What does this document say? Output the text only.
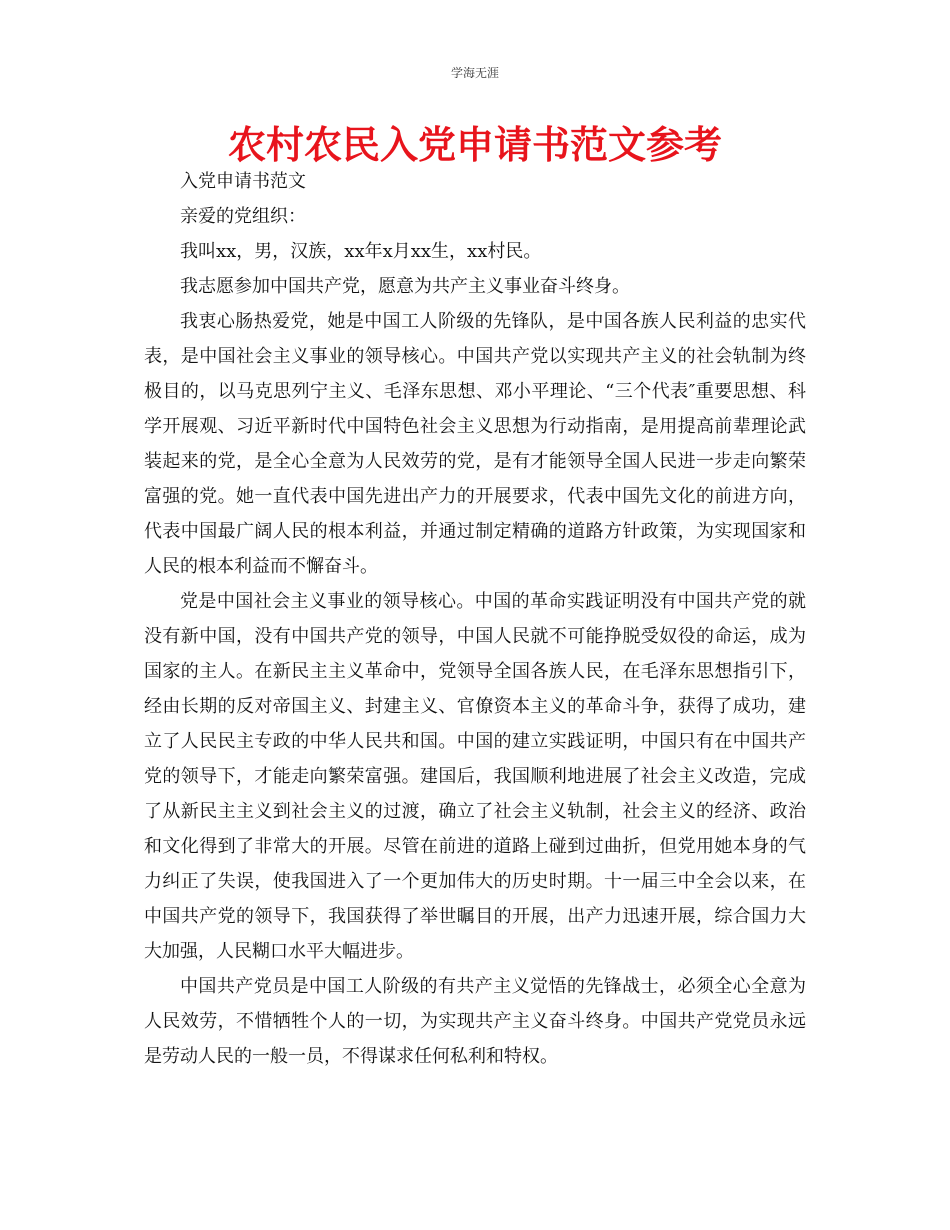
学海无涯
农村农民入党申请书范文参考

入党申请书范文

亲爱的党组织：

我叫xx，男，汉族，xx年x月xx生，xx村民。

我志愿参加中国共产党，愿意为共产主义事业奋斗终身。

我衷心肠热爱党，她是中国工人阶级的先锋队，是中国各族人民利益的忠实代表，是中国社会主义事业的领导核心。中国共产党以实现共产主义的社会轨制为终极目的，以马克思列宁主义、毛泽东思想、邓小平理论、“三个代表″重要思想、科学开展观、习近平新时代中国特色社会主义思想为行动指南，是用提高前辈理论武装起来的党，是全心全意为人民效劳的党，是有才能领导全国人民进一步走向繁荣富强的党。她一直代表中国先进出产力的开展要求，代表中国先文化的前进方向，代表中国最广阔人民的根本利益，并通过制定精确的道路方针政策，为实现国家和人民的根本利益而不懈奋斗。

党是中国社会主义事业的领导核心。中国的革命实践证明没有中国共产党的就没有新中国，没有中国共产党的领导，中国人民就不可能挣脱受奴役的命运，成为国家的主人。在新民主主义革命中，党领导全国各族人民，在毛泽东思想指引下，经由长期的反对帝国主义、封建主义、官僚资本主义的革命斗争，获得了成功，建立了人民民主专政的中华人民共和国。中国的建立实践证明，中国只有在中国共产党的领导下，才能走向繁荣富强。建国后，我国顺利地进展了社会主义改造，完成了从新民主主义到社会主义的过渡，确立了社会主义轨制，社会主义的经济、政治和文化得到了非常大的开展。尽管在前进的道路上碰到过曲折，但党用她本身的气力纠正了失误，使我国进入了一个更加伟大的历史时期。十一届三中全会以来，在中国共产党的领导下，我国获得了举世瞩目的开展，出产力迅速开展，综合国力大大加强，人民糊口水平大幅进步。

中国共产党员是中国工人阶级的有共产主义觉悟的先锋战士，必须全心全意为人民效劳，不惜牺牲个人的一切，为实现共产主义奋斗终身。中国共产党党员永远是劳动人民的一般一员，不得谋求任何私利和特权。
